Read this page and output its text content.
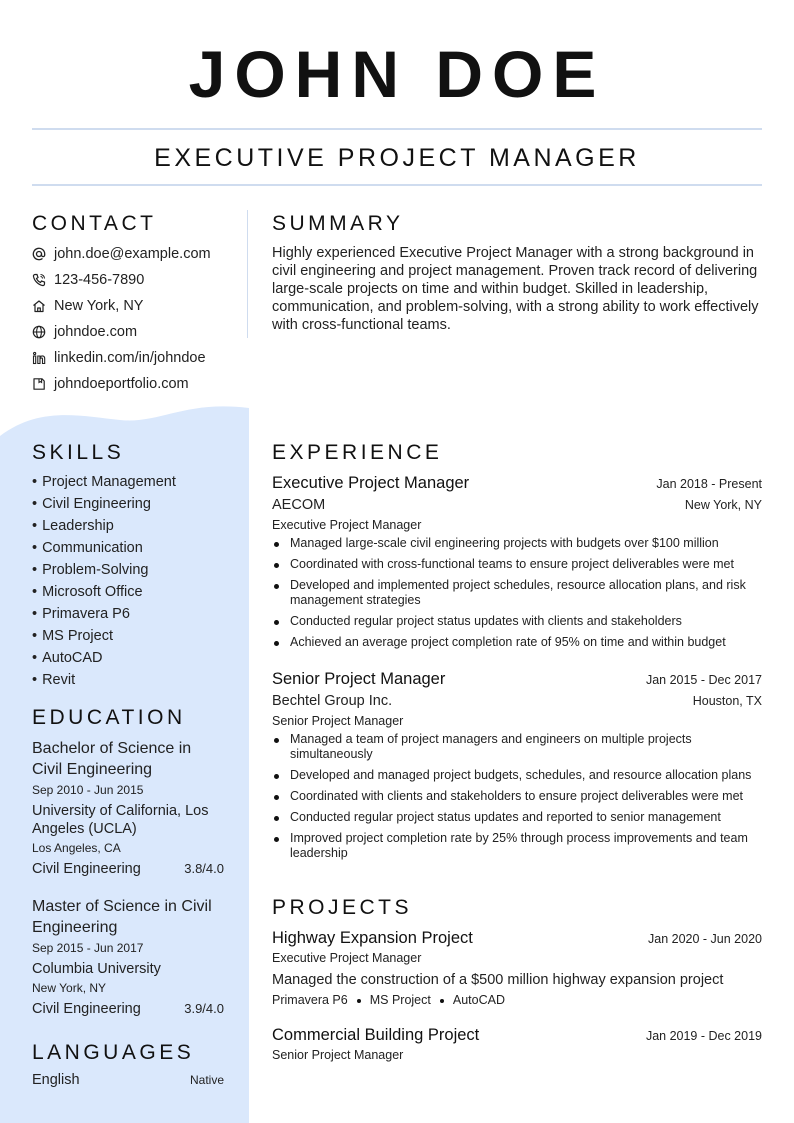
JOHN DOE
EXECUTIVE PROJECT MANAGER
CONTACT
john.doe@example.com
123-456-7890
New York, NY
johndoe.com
linkedin.com/in/johndoe
johndoeportfolio.com
SUMMARY

Highly experienced Executive Project Manager with a strong background in civil engineering and project management. Proven track record of delivering large-scale projects on time and within budget. Skilled in leadership, communication, and problem-solving, with a strong ability to work effectively with cross-functional teams.

SKILLS
• Project Management
• Civil Engineering
• Leadership
• Communication
• Problem-Solving
• Microsoft Office
• Primavera P6
• MS Project
• AutoCAD
• Revit
EDUCATION
Bachelor of Science in Civil Engineering
Sep 2010 - Jun 2015
University of California, Los Angeles (UCLA)
Los Angeles, CA
Civil Engineering	3.8/4.0
Master of Science in Civil Engineering
Sep 2015 - Jun 2017
Columbia University
New York, NY
Civil Engineering	3.9/4.0
LANGUAGES
English	Native
EXPERIENCE
Executive Project Manager	Jan 2018 - Present
AECOM	New York, NY
Executive Project Manager
Managed large-scale civil engineering projects with budgets over $100 million
Coordinated with cross-functional teams to ensure project deliverables were met
Developed and implemented project schedules, resource allocation plans, and risk management strategies
Conducted regular project status updates with clients and stakeholders
Achieved an average project completion rate of 95% on time and within budget
Senior Project Manager	Jan 2015 - Dec 2017
Bechtel Group Inc.	Houston, TX
Senior Project Manager
Managed a team of project managers and engineers on multiple projects simultaneously
Developed and managed project budgets, schedules, and resource allocation plans
Coordinated with clients and stakeholders to ensure project deliverables were met
Conducted regular project status updates and reported to senior management
Improved project completion rate by 25% through process improvements and team leadership
PROJECTS
Highway Expansion Project	Jan 2020 - Jun 2020
Executive Project Manager
Managed the construction of a $500 million highway expansion project
Primavera P6 MS Project AutoCAD
Commercial Building Project	Jan 2019 - Dec 2019
Senior Project Manager
